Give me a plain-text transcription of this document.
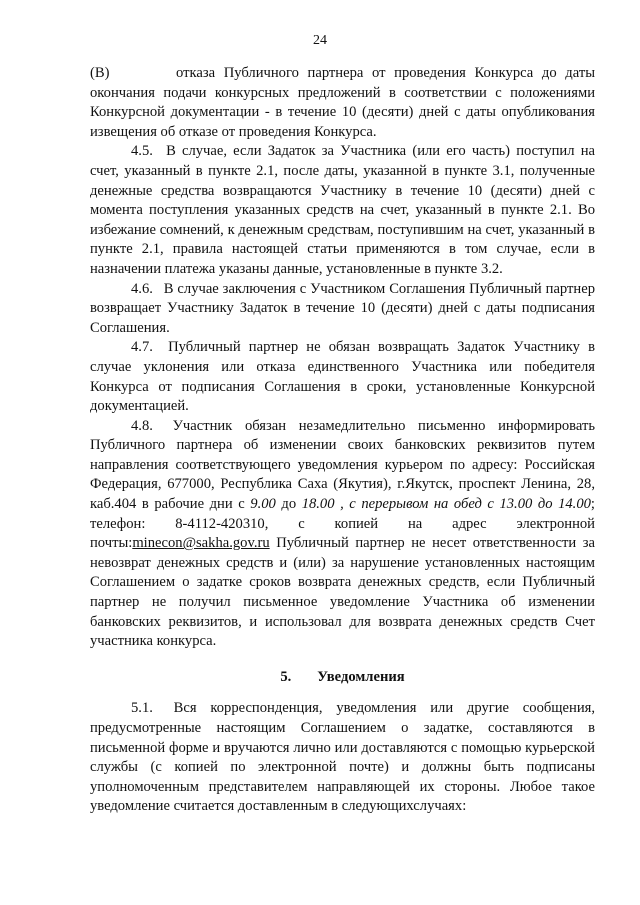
24

(В)	отказа Публичного партнера от проведения Конкурса до даты окончания подачи конкурсных предложений в соответствии с положениями Конкурсной документации - в течение 10 (десяти) дней с даты опубликования извещения об отказе от проведения Конкурса.

4.5. В случае, если Задаток за Участника (или его часть) поступил на счет, указанный в пункте 2.1, после даты, указанной в пункте 3.1, полученные денежные средства возвращаются Участнику в течение 10 (десяти) дней с момента поступления указанных средств на счет, указанный в пункте 2.1. Во избежание сомнений, к денежным средствам, поступившим на счет, указанный в пункте 2.1, правила настоящей статьи применяются в том случае, если в назначении платежа указаны данные, установленные в пункте 3.2.

4.6. В случае заключения с Участником Соглашения Публичный партнер возвращает Участнику Задаток в течение 10 (десяти) дней с даты подписания Соглашения.

4.7. Публичный партнер не обязан возвращать Задаток Участнику в случае уклонения или отказа единственного Участника или победителя Конкурса от подписания Соглашения в сроки, установленные Конкурсной документацией.

4.8. Участник обязан незамедлительно письменно информировать Публичного партнера об изменении своих банковских реквизитов путем направления соответствующего уведомления курьером по адресу: Российская Федерация, 677000, Республика Саха (Якутия), г.Якутск, проспект Ленина, 28, каб.404 в рабочие дни с 9.00 до 18.00 , с перерывом на обед с 13.00 до 14.00; телефон: 8-4112-420310, с копией на адрес электронной почты:minecon@sakha.gov.ru Публичный партнер не несет ответственности за невозврат денежных средств и (или) за нарушение установленных настоящим Соглашением о задатке сроков возврата денежных средств, если Публичный партнер не получил письменное уведомление Участника об изменении банковских реквизитов, и использовал для возврата денежных средств Счет участника конкурса.

5. Уведомления

5.1. Вся корреспонденция, уведомления или другие сообщения, предусмотренные настоящим Соглашением о задатке, составляются в письменной форме и вручаются лично или доставляются с помощью курьерской службы (с копией по электронной почте) и должны быть подписаны уполномоченным представителем направляющей их стороны. Любое такое уведомление считается доставленным в следующихслучаях:
